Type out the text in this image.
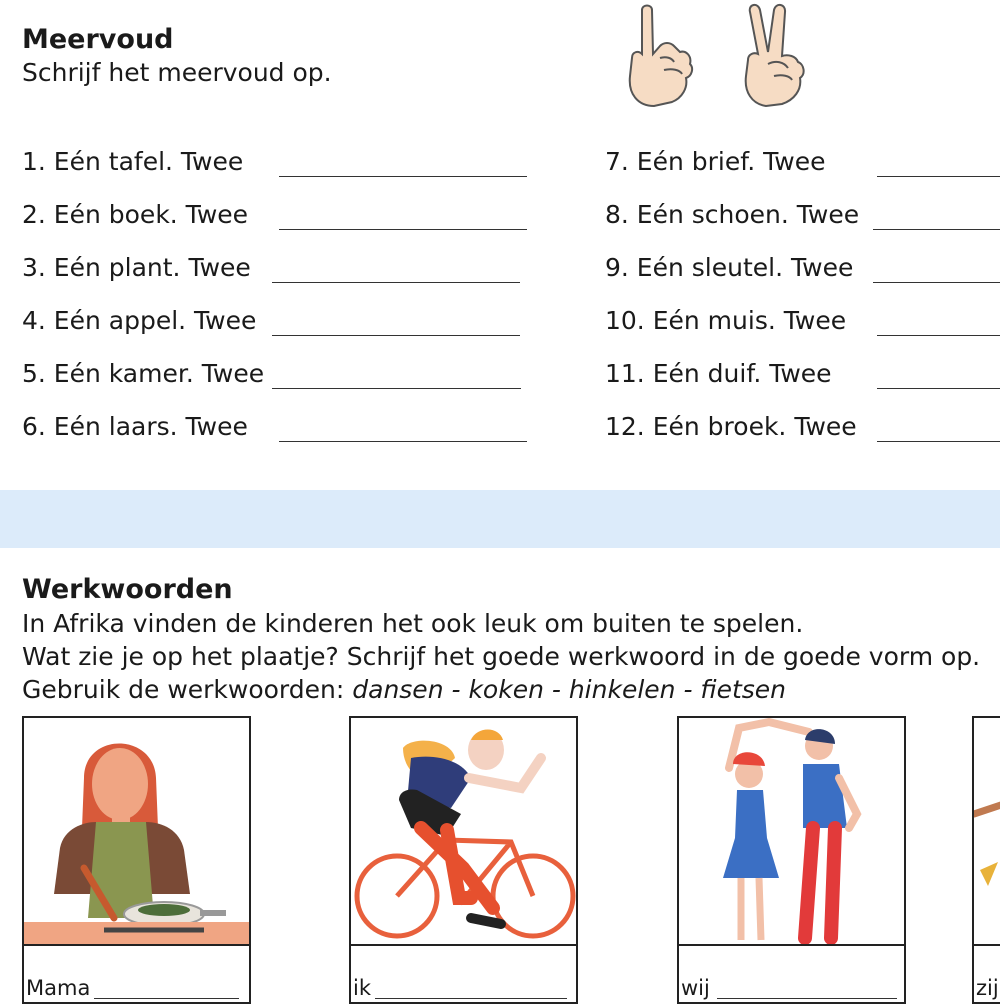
Meervoud
Schrijf het meervoud op.
1. Eén tafel. Twee
2. Eén boek. Twee
3. Eén plant. Twee
4. Eén appel. Twee
5. Eén kamer. Twee
6. Eén laars. Twee
7. Eén brief. Twee
8. Eén schoen. Twee
9. Eén sleutel. Twee
10. Eén muis. Twee
11. Eén duif. Twee
12. Eén broek. Twee
Werkwoorden
In Afrika vinden de kinderen het ook leuk om buiten te spelen.
Wat zie je op het plaatje? Schrijf het goede werkwoord in de goede vorm op.
Gebruik de werkwoorden: dansen - koken - hinkelen - fietsen
Mama	ik	wij	zij
